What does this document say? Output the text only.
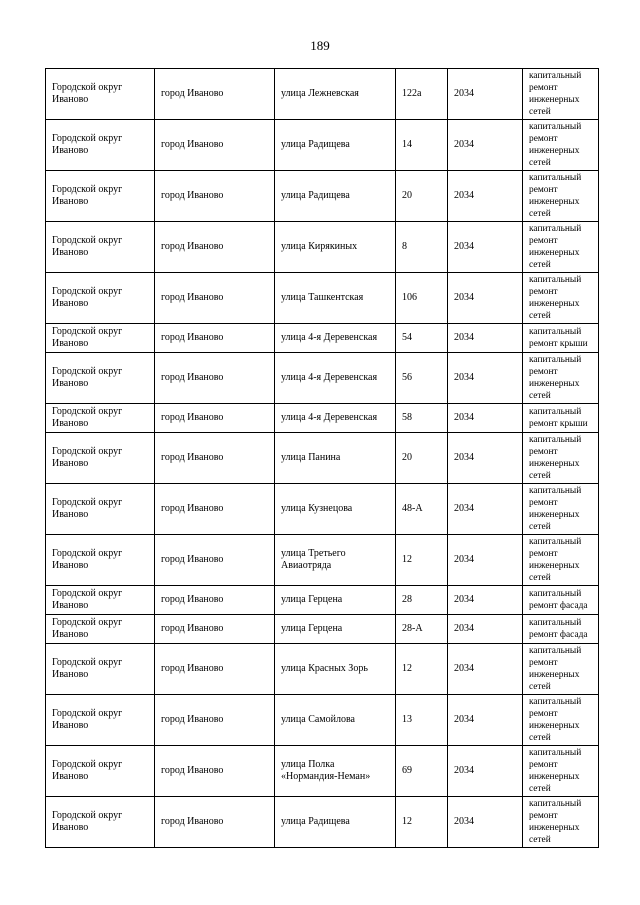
189
Городской округ Иваново	город Иваново	улица Лежневская	122а	2034	капитальный ремонт инженерных сетей
Городской округ Иваново	город Иваново	улица Радищева	14	2034	капитальный ремонт инженерных сетей
Городской округ Иваново	город Иваново	улица Радищева	20	2034	капитальный ремонт инженерных сетей
Городской округ Иваново	город Иваново	улица Кирякиных	8	2034	капитальный ремонт инженерных сетей
Городской округ Иваново	город Иваново	улица Ташкентская	106	2034	капитальный ремонт инженерных сетей
Городской округ Иваново	город Иваново	улица 4-я Деревенская	54	2034	капитальный ремонт крыши
Городской округ Иваново	город Иваново	улица 4-я Деревенская	56	2034	капитальный ремонт инженерных сетей
Городской округ Иваново	город Иваново	улица 4-я Деревенская	58	2034	капитальный ремонт крыши
Городской округ Иваново	город Иваново	улица Панина	20	2034	капитальный ремонт инженерных сетей
Городской округ Иваново	город Иваново	улица Кузнецова	48-А	2034	капитальный ремонт инженерных сетей
Городской округ Иваново	город Иваново	улица Третьего Авиаотряда	12	2034	капитальный ремонт инженерных сетей
Городской округ Иваново	город Иваново	улица Герцена	28	2034	капитальный ремонт фасада
Городской округ Иваново	город Иваново	улица Герцена	28-А	2034	капитальный ремонт фасада
Городской округ Иваново	город Иваново	улица Красных Зорь	12	2034	капитальный ремонт инженерных сетей
Городской округ Иваново	город Иваново	улица Самойлова	13	2034	капитальный ремонт инженерных сетей
Городской округ Иваново	город Иваново	улица Полка «Нормандия-Неман»	69	2034	капитальный ремонт инженерных сетей
Городской округ Иваново	город Иваново	улица Радищева	12	2034	капитальный ремонт инженерных сетей
